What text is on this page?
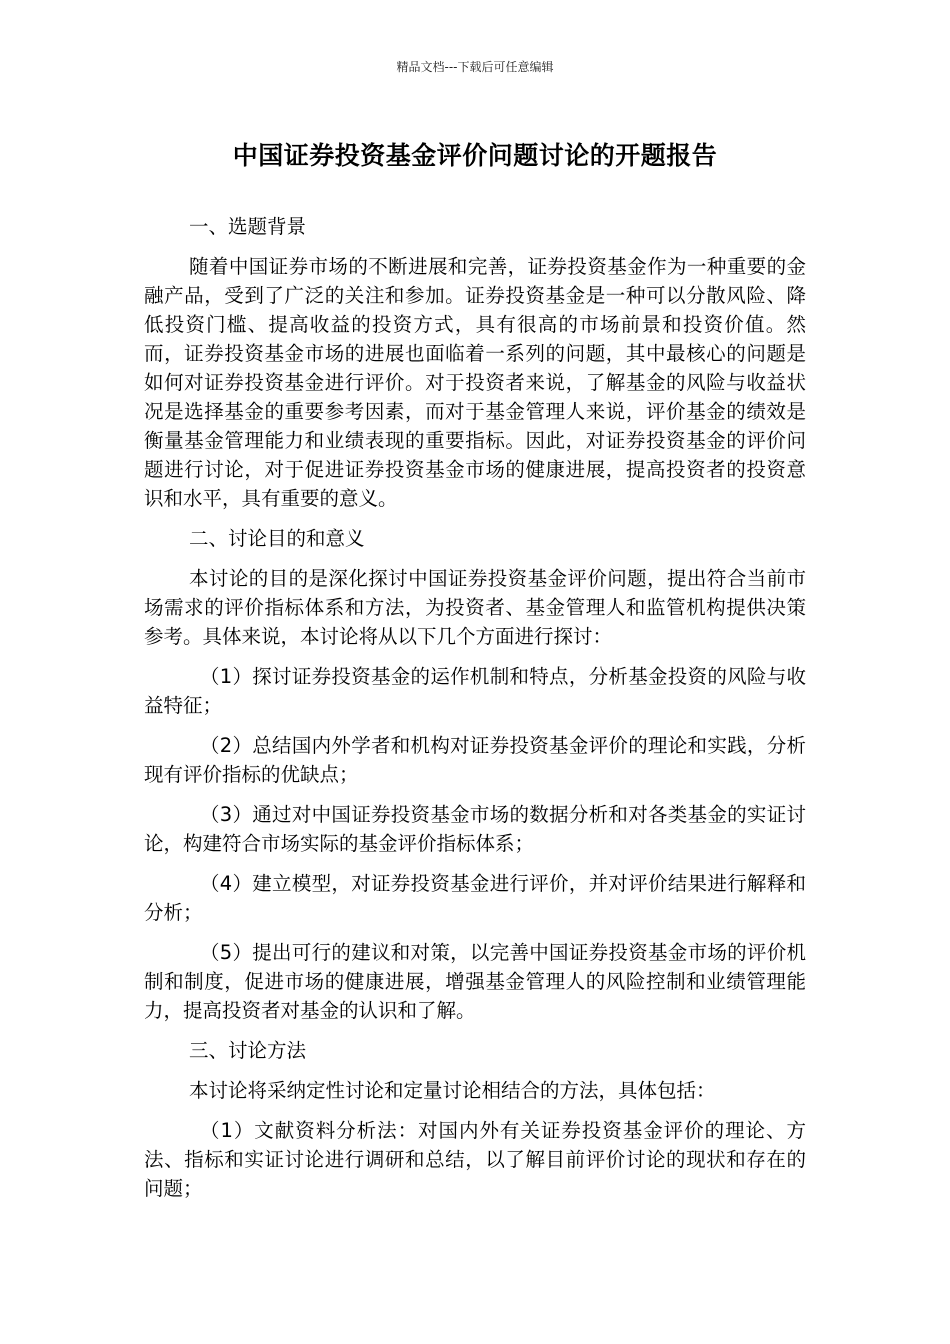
精品文档---下载后可任意编辑
中国证券投资基金评价问题讨论的开题报告

一、选题背景

随着中国证券市场的不断进展和完善，证券投资基金作为一种重要的金融产品，受到了广泛的关注和参加。证券投资基金是一种可以分散风险、降低投资门槛、提高收益的投资方式，具有很高的市场前景和投资价值。然而，证券投资基金市场的进展也面临着一系列的问题，其中最核心的问题是如何对证券投资基金进行评价。对于投资者来说，了解基金的风险与收益状况是选择基金的重要参考因素，而对于基金管理人来说，评价基金的绩效是衡量基金管理能力和业绩表现的重要指标。因此，对证券投资基金的评价问题进行讨论，对于促进证券投资基金市场的健康进展，提高投资者的投资意识和水平，具有重要的意义。

二、讨论目的和意义

本讨论的目的是深化探讨中国证券投资基金评价问题，提出符合当前市场需求的评价指标体系和方法，为投资者、基金管理人和监管机构提供决策参考。具体来说，本讨论将从以下几个方面进行探讨：

（1）探讨证券投资基金的运作机制和特点，分析基金投资的风险与收益特征；

（2）总结国内外学者和机构对证券投资基金评价的理论和实践，分析现有评价指标的优缺点；

（3）通过对中国证券投资基金市场的数据分析和对各类基金的实证讨论，构建符合市场实际的基金评价指标体系；

（4）建立模型，对证券投资基金进行评价，并对评价结果进行解释和分析；

（5）提出可行的建议和对策，以完善中国证券投资基金市场的评价机制和制度，促进市场的健康进展，增强基金管理人的风险控制和业绩管理能力，提高投资者对基金的认识和了解。

三、讨论方法

本讨论将采纳定性讨论和定量讨论相结合的方法，具体包括：

（1）文献资料分析法：对国内外有关证券投资基金评价的理论、方法、指标和实证讨论进行调研和总结，以了解目前评价讨论的现状和存在的问题；
